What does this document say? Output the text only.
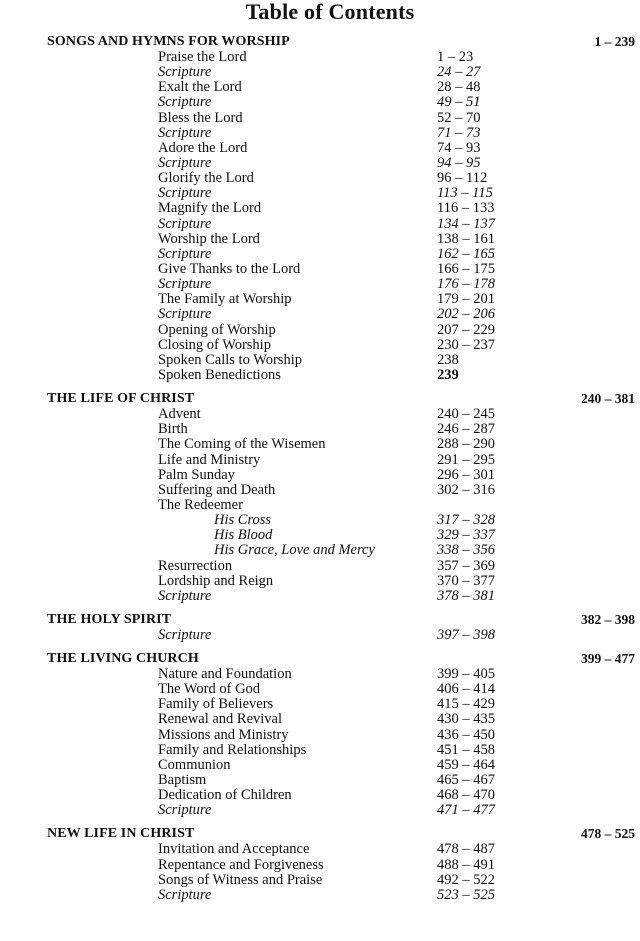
Table of Contents
SONGS AND HYMNS FOR WORSHIP	1 – 239
Praise the Lord	1 – 23
Scripture	24 – 27
Exalt the Lord	28 – 48
Scripture	49 – 51
Bless the Lord	52 – 70
Scripture	71 – 73
Adore the Lord	74 – 93
Scripture	94 – 95
Glorify the Lord	96 – 112
Scripture	113 – 115
Magnify the Lord	116 – 133
Scripture	134 – 137
Worship the Lord	138 – 161
Scripture	162 – 165
Give Thanks to the Lord	166 – 175
Scripture	176 – 178
The Family at Worship	179 – 201
Scripture	202 – 206
Opening of Worship	207 – 229
Closing of Worship	230 – 237
Spoken Calls to Worship	238
Spoken Benedictions	239
THE LIFE OF CHRIST	240 – 381
Advent	240 – 245
Birth	246 – 287
The Coming of the Wisemen	288 – 290
Life and Ministry	291 – 295
Palm Sunday	296 – 301
Suffering and Death	302 – 316
The Redeemer
His Cross	317 – 328
His Blood	329 – 337
His Grace, Love and Mercy	338 – 356
Resurrection	357 – 369
Lordship and Reign	370 – 377
Scripture	378 – 381
THE HOLY SPIRIT	382 – 398
Scripture	397 – 398
THE LIVING CHURCH	399 – 477
Nature and Foundation	399 – 405
The Word of God	406 – 414
Family of Believers	415 – 429
Renewal and Revival	430 – 435
Missions and Ministry	436 – 450
Family and Relationships	451 – 458
Communion	459 – 464
Baptism	465 – 467
Dedication of Children	468 – 470
Scripture	471 – 477
NEW LIFE IN CHRIST	478 – 525
Invitation and Acceptance	478 – 487
Repentance and Forgiveness	488 – 491
Songs of Witness and Praise	492 – 522
Scripture	523 – 525
